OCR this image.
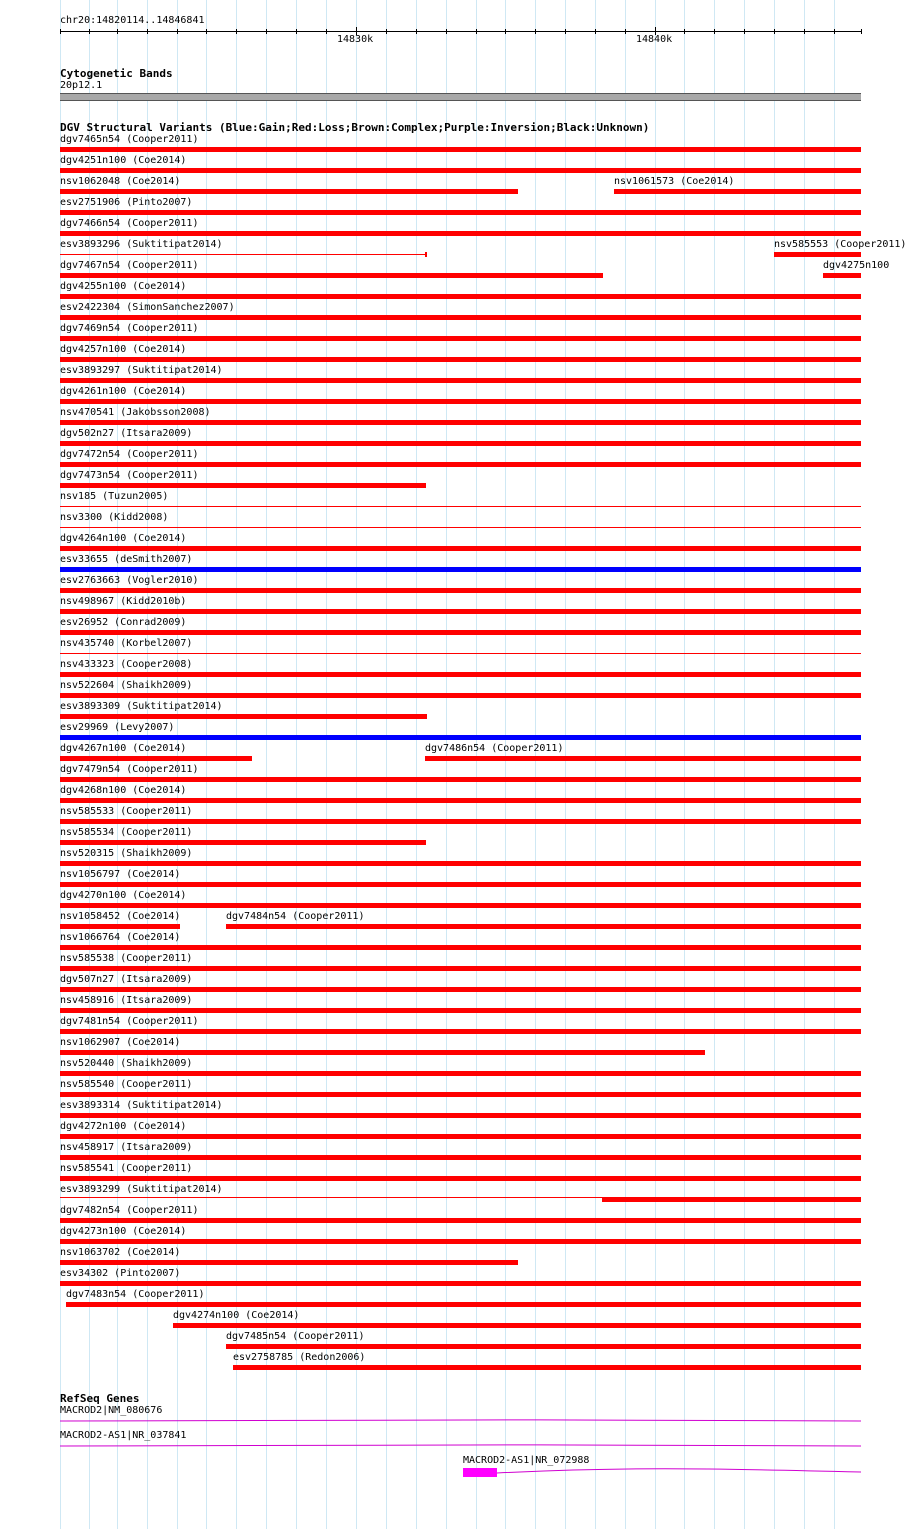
chr20:14820114..14846841
14830k	14840k
Cytogenetic Bands
20p12.1
DGV Structural Variants (Blue:Gain;Red:Loss;Brown:Complex;Purple:Inversion;Black:Unknown)
dgv7465n54 (Cooper2011)
dgv4251n100 (Coe2014)
nsv1062048 (Coe2014)	nsv1061573 (Coe2014)
esv2751906 (Pinto2007)
dgv7466n54 (Cooper2011)
esv3893296 (Suktitipat2014)	nsv585553 (Cooper2011)
dgv7467n54 (Cooper2011)	dgv4275n100
dgv4255n100 (Coe2014)
esv2422304 (SimonSanchez2007)
dgv7469n54 (Cooper2011)
dgv4257n100 (Coe2014)
esv3893297 (Suktitipat2014)
dgv4261n100 (Coe2014)
nsv470541 (Jakobsson2008)
dgv502n27 (Itsara2009)
dgv7472n54 (Cooper2011)
dgv7473n54 (Cooper2011)
nsv185 (Tuzun2005)
nsv3300 (Kidd2008)
dgv4264n100 (Coe2014)
esv33655 (deSmith2007)
esv2763663 (Vogler2010)
nsv498967 (Kidd2010b)
esv26952 (Conrad2009)
nsv435740 (Korbel2007)
nsv433323 (Cooper2008)
nsv522604 (Shaikh2009)
esv3893309 (Suktitipat2014)
esv29969 (Levy2007)
dgv4267n100 (Coe2014)	dgv7486n54 (Cooper2011)
dgv7479n54 (Cooper2011)
dgv4268n100 (Coe2014)
nsv585533 (Cooper2011)
nsv585534 (Cooper2011)
nsv520315 (Shaikh2009)
nsv1056797 (Coe2014)
dgv4270n100 (Coe2014)
nsv1058452 (Coe2014)	dgv7484n54 (Cooper2011)
nsv1066764 (Coe2014)
nsv585538 (Cooper2011)
dgv507n27 (Itsara2009)
nsv458916 (Itsara2009)
dgv7481n54 (Cooper2011)
nsv1062907 (Coe2014)
nsv520440 (Shaikh2009)
nsv585540 (Cooper2011)
esv3893314 (Suktitipat2014)
dgv4272n100 (Coe2014)
nsv458917 (Itsara2009)
nsv585541 (Cooper2011)
esv3893299 (Suktitipat2014)
dgv7482n54 (Cooper2011)
dgv4273n100 (Coe2014)
nsv1063702 (Coe2014)
esv34302 (Pinto2007)
dgv7483n54 (Cooper2011)
dgv4274n100 (Coe2014)
dgv7485n54 (Cooper2011)
esv2758785 (Redon2006)
RefSeq Genes
MACROD2|NM_080676
MACROD2-AS1|NR_037841
MACROD2-AS1|NR_072988
